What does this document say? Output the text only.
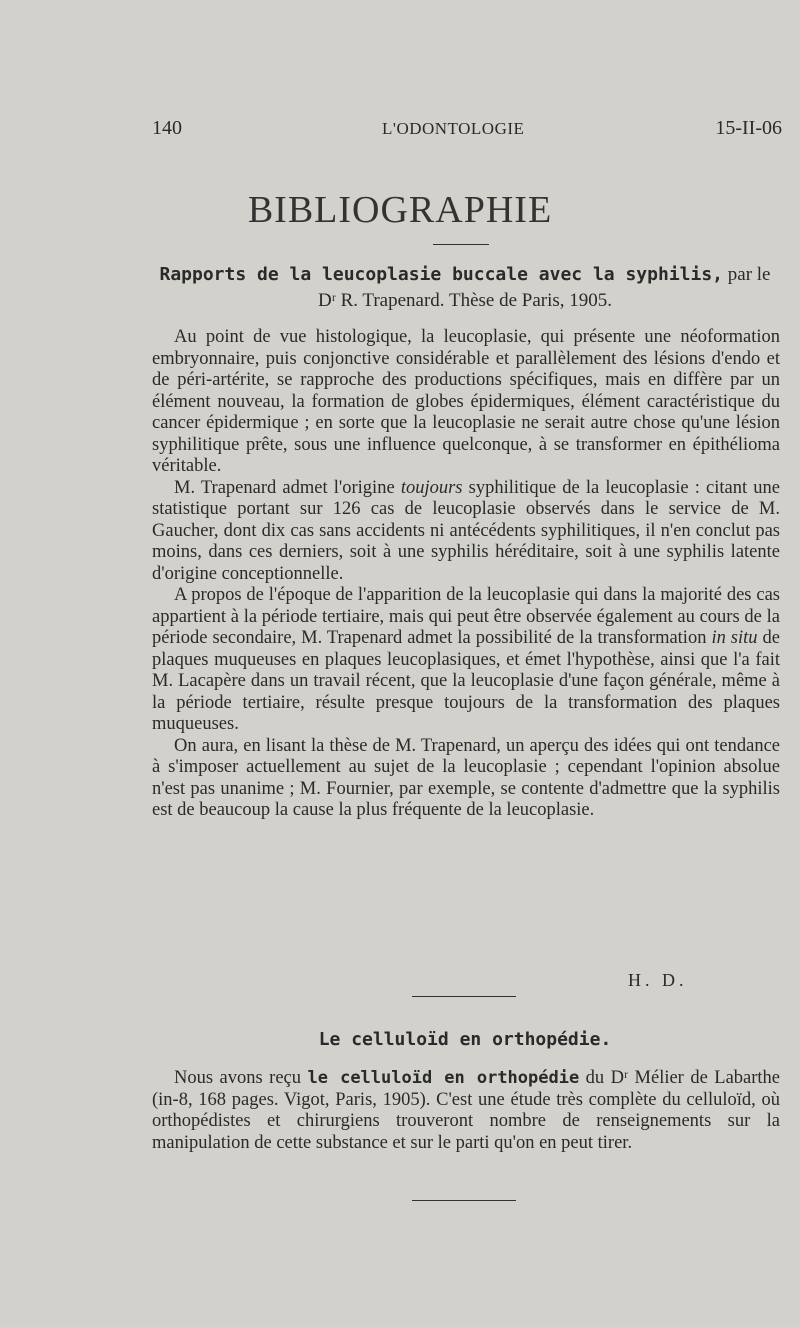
140	L'ODONTOLOGIE	15-II-06
BIBLIOGRAPHIE
Rapports de la leucoplasie buccale avec la syphilis, par le Dʳ R. Trapenard. Thèse de Paris, 1905.

Au point de vue histologique, la leucoplasie, qui présente une néoformation embryonnaire, puis conjonctive considérable et parallèlement des lésions d'endo et de péri-artérite, se rapproche des productions spécifiques, mais en diffère par un élément nouveau, la formation de globes épidermiques, élément caractéristique du cancer épidermique ; en sorte que la leucoplasie ne serait autre chose qu'une lésion syphilitique prête, sous une influence quelconque, à se transformer en épithélioma véritable.

M. Trapenard admet l'origine toujours syphilitique de la leucoplasie : citant une statistique portant sur 126 cas de leucoplasie observés dans le service de M. Gaucher, dont dix cas sans accidents ni antécédents syphilitiques, il n'en conclut pas moins, dans ces derniers, soit à une syphilis héréditaire, soit à une syphilis latente d'origine conceptionnelle.

A propos de l'époque de l'apparition de la leucoplasie qui dans la majorité des cas appartient à la période tertiaire, mais qui peut être observée également au cours de la période secondaire, M. Trapenard admet la possibilité de la transformation in situ de plaques muqueuses en plaques leucoplasiques, et émet l'hypothèse, ainsi que l'a fait M. Lacapère dans un travail récent, que la leucoplasie d'une façon générale, même à la période tertiaire, résulte presque toujours de la transformation des plaques muqueuses.

On aura, en lisant la thèse de M. Trapenard, un aperçu des idées qui ont tendance à s'imposer actuellement au sujet de la leucoplasie ; cependant l'opinion absolue n'est pas unanime ; M. Fournier, par exemple, se contente d'admettre que la syphilis est de beaucoup la cause la plus fréquente de la leucoplasie.

H. D.
Le celluloïd en orthopédie.

Nous avons reçu le celluloïd en orthopédie du Dʳ Mélier de Labarthe (in-8, 168 pages. Vigot, Paris, 1905). C'est une étude très complète du celluloïd, où orthopédistes et chirurgiens trouveront nombre de renseignements sur la manipulation de cette substance et sur le parti qu'on en peut tirer.
